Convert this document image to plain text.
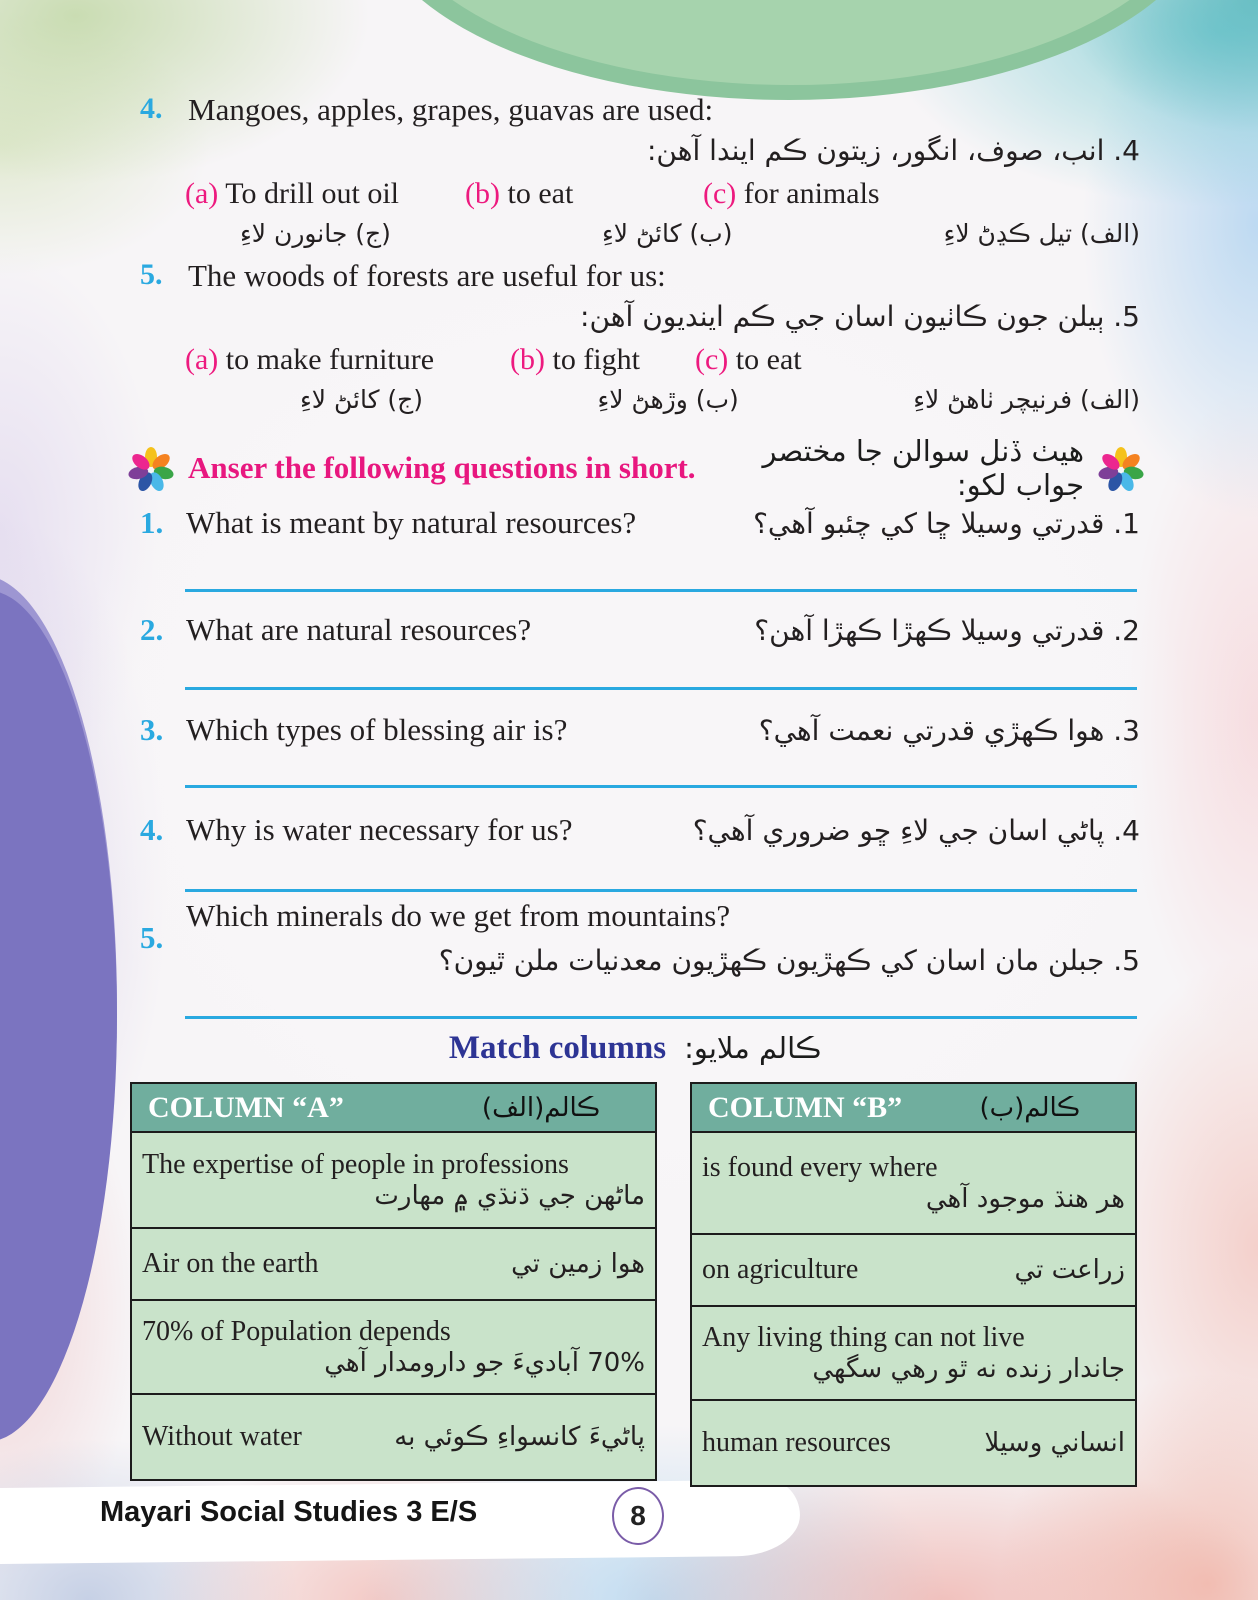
4. Mangoes, apples, grapes, guavas are used:
4. انب، صوف، انگور، زيتون ڪم ايندا آهن:
(a) To drill out oil	(b) to eat	(c) for animals
(الف) تيل ڪڍڻ لاءِ
(ب) کائڻ لاءِ
(ج) جانورن لاءِ
5. The woods of forests are useful for us:
5. ٻيلن جون ڪاٺيون اسان جي ڪم اينديون آهن:
(a) to make furniture	(b) to fight	(c) to eat
(الف) فرنيچر ٺاهڻ لاءِ
(ب) وڙهڻ لاءِ
(ج) کائڻ لاءِ
Anser the following questions in short.	هيٺ ڏنل سوالن جا مختصر جواب لکو:
1. What is meant by natural resources?	1. قدرتي وسيلا ڇا کي چئبو آهي؟
2. What are natural resources?	2. قدرتي وسيلا ڪهڙا ڪهڙا آهن؟
3. Which types of blessing air is?	3. هوا ڪهڙي قدرتي نعمت آهي؟
4. Why is water necessary for us?	4. پاڻي اسان جي لاءِ ڇو ضروري آهي؟
5.
Which minerals do we get from mountains?
5. جبلن مان اسان کي ڪهڙيون ڪهڙيون معدنيات ملن ٿيون؟
Match columns ڪالم ملايو:
COLUMN “A”	ڪالم(الف)
The expertise of people in professions
ماڻهن جي ڌنڌي ۾ مهارت
Air on the earth	هوا زمين تي
70% of Population depends
70% آباديءَ جو دارومدار آهي
Without water	پاڻيءَ کانسواءِ ڪوئي به
COLUMN “B”	ڪالم(ب)
is found every where
هر هنڌ موجود آهي
on agriculture	زراعت تي
Any living thing can not live
جاندار زنده نه ٿو رهي سگهي
human resources	انساني وسيلا
Mayari Social Studies 3 E/S	8
